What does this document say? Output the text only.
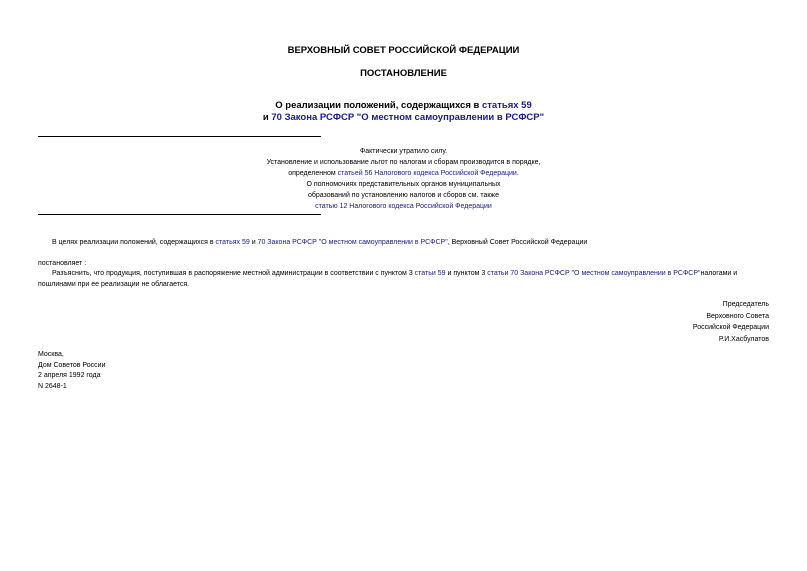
ВЕРХОВНЫЙ СОВЕТ РОССИЙСКОЙ ФЕДЕРАЦИИ
ПОСТАНОВЛЕНИЕ
О реализации положений, содержащихся в статьях 59
и 70 Закона РСФСР "О местном самоуправлении в РСФСР"
Фактически утратило силу.
Установление и использование льгот по налогам и сборам производится в порядке,
определенном статьей 56 Налогового кодекса Российской Федерации.
О полномочиях представительных органов муниципальных
образований по установлению налогов и сборов см. также
статью 12 Налогового кодекса Российской Федерации
В целях реализации положений, содержащихся в статьях 59 и 70 Закона РСФСР "О местном самоуправлении в РСФСР", Верховный Совет Российской Федерации
постановляет :
Разъяснить, что продукция, поступившая в распоряжение местной администрации в соответствии с пунктом 3 статьи 59 и пунктом 3 статьи 70 Закона РСФСР "О местном самоуправлении в РСФСР"налогами и
пошлинами при ее реализации не облагается.
Председатель
Верховного Совета
Российской Федерации
Р.И.Хасбулатов
Москва,
Дом Советов России
2 апреля 1992 года
N 2648-1
